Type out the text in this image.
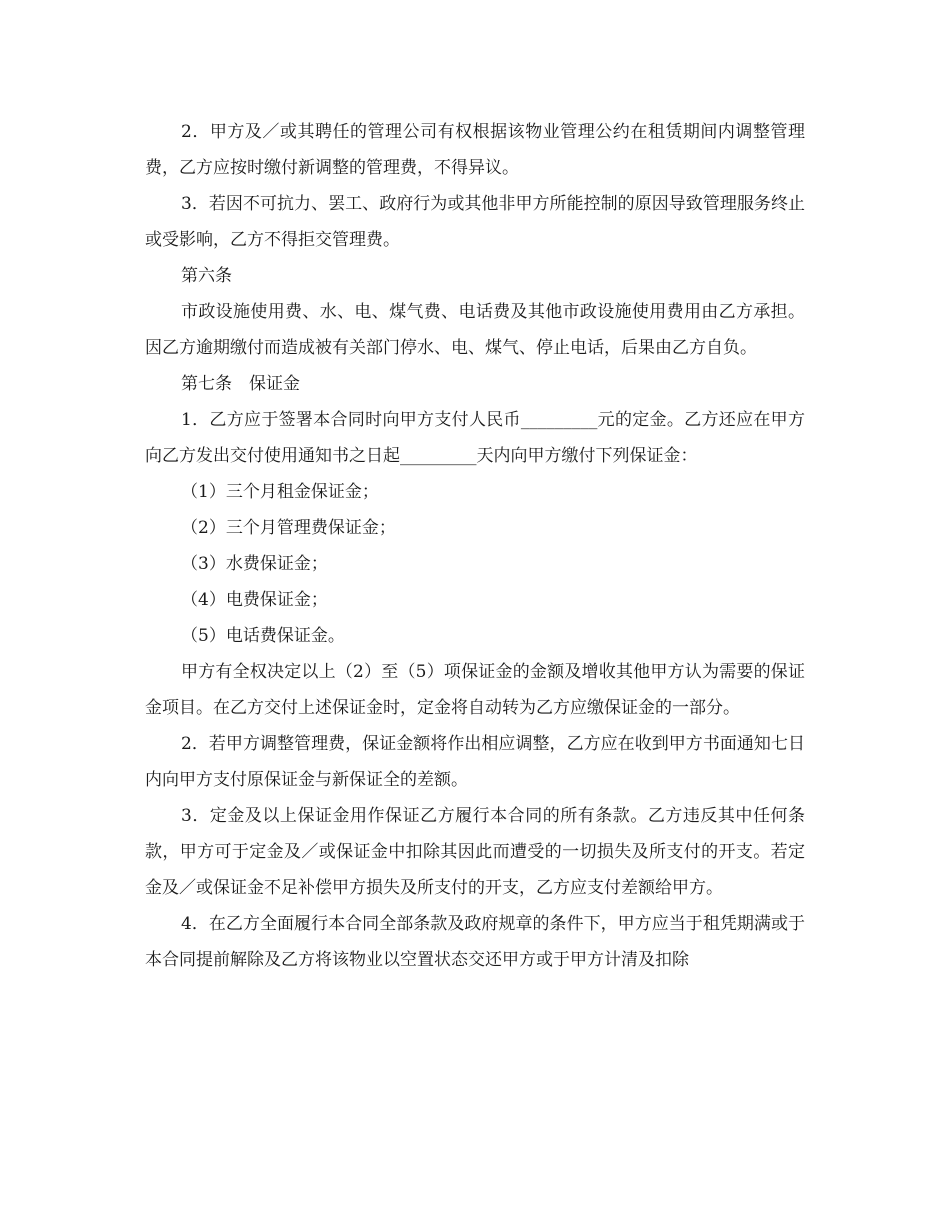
2．甲方及／或其聘任的管理公司有权根据该物业管理公约在租赁期间内调整管理费，乙方应按时缴付新调整的管理费，不得异议。

3．若因不可抗力、罢工、政府行为或其他非甲方所能控制的原因导致管理服务终止或受影响，乙方不得拒交管理费。

第六条

市政设施使用费、水、电、煤气费、电话费及其他市政设施使用费用由乙方承担。因乙方逾期缴付而造成被有关部门停水、电、煤气、停止电话，后果由乙方自负。

第七条　保证金

1．乙方应于签署本合同时向甲方支付人民币_________元的定金。乙方还应在甲方向乙方发出交付使用通知书之日起_________天内向甲方缴付下列保证金：

（1）三个月租金保证金；

（2）三个月管理费保证金；

（3）水费保证金；

（4）电费保证金；

（5）电话费保证金。

甲方有全权决定以上（2）至（5）项保证金的金额及增收其他甲方认为需要的保证金项目。在乙方交付上述保证金时，定金将自动转为乙方应缴保证金的一部分。

2．若甲方调整管理费，保证金额将作出相应调整，乙方应在收到甲方书面通知七日内向甲方支付原保证金与新保证全的差额。

3．定金及以上保证金用作保证乙方履行本合同的所有条款。乙方违反其中任何条款，甲方可于定金及／或保证金中扣除其因此而遭受的一切损失及所支付的开支。若定金及／或保证金不足补偿甲方损失及所支付的开支，乙方应支付差额给甲方。

4．在乙方全面履行本合同全部条款及政府规章的条件下，甲方应当于租凭期满或于本合同提前解除及乙方将该物业以空置状态交还甲方或于甲方计清及扣除
